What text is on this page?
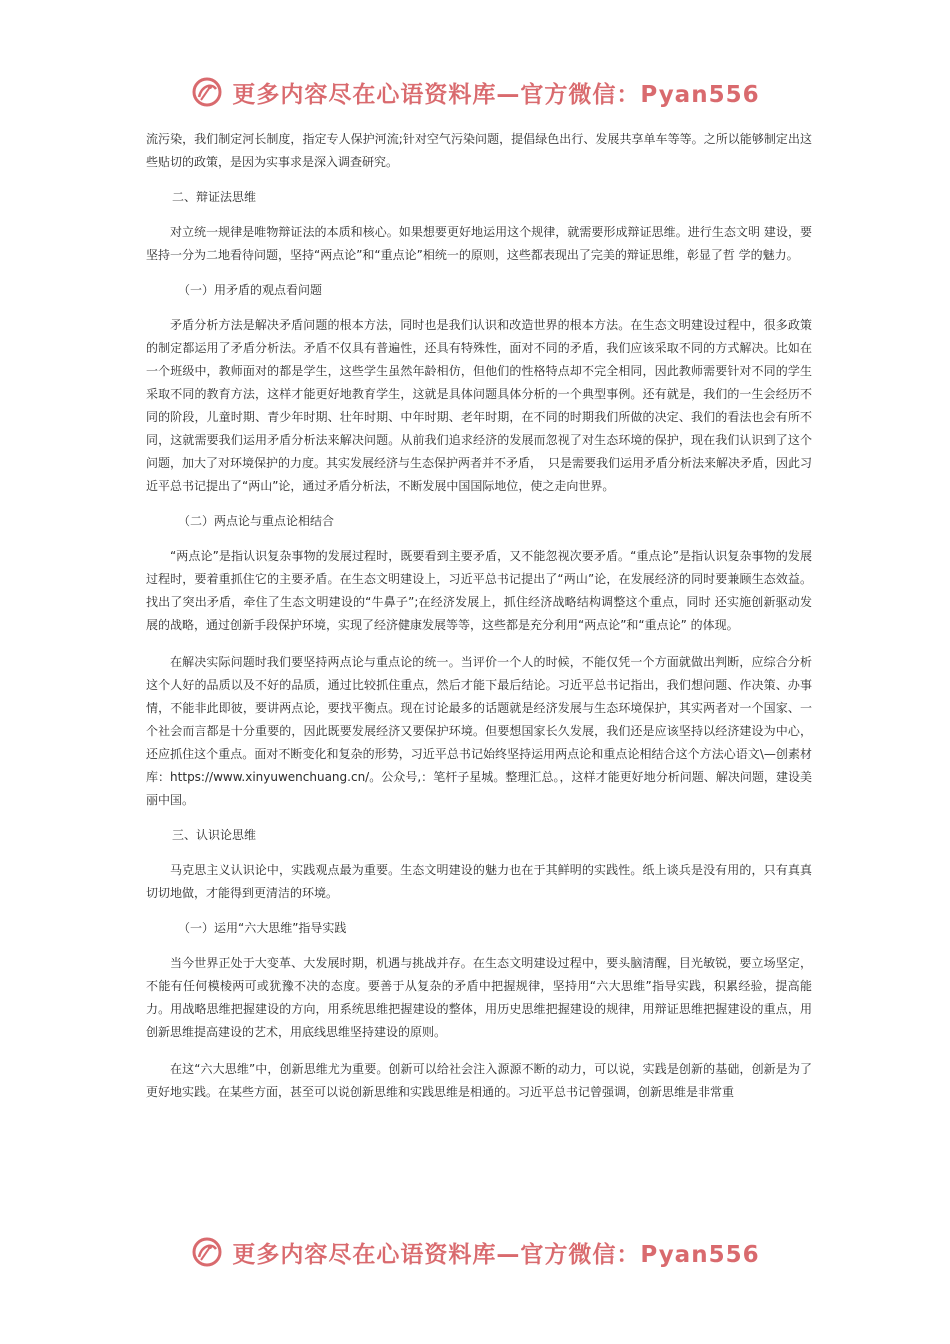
更多内容尽在心语资料库—官方微信：Pyan556

流污染，我们制定河长制度，指定专人保护河流;针对空气污染问题，提倡绿色出行、发展共享单车等等。之所以能够制定出这些贴切的政策，是因为实事求是深入调查研究。

二、辩证法思维

对立统一规律是唯物辩证法的本质和核心。如果想要更好地运用这个规律，就需要形成辩证思维。进行生态文明 建设，要坚持一分为二地看待问题，坚持“两点论”和“重点论”相统一的原则，这些都表现出了完美的辩证思维，彰显了哲 学的魅力。

（一）用矛盾的观点看问题

矛盾分析方法是解决矛盾问题的根本方法，同时也是我们认识和改造世界的根本方法。在生态文明建设过程中，很多政策的制定都运用了矛盾分析法。矛盾不仅具有普遍性，还具有特殊性，面对不同的矛盾，我们应该采取不同的方式解决。比如在一个班级中，教师面对的都是学生，这些学生虽然年龄相仿，但他们的性格特点却不完全相同，因此教师需要针对不同的学生采取不同的教育方法，这样才能更好地教育学生，这就是具体问题具体分析的一个典型事例。还有就是，我们的一生会经历不同的阶段，儿童时期、青少年时期、壮年时期、中年时期、老年时期，在不同的时期我们所做的决定、我们的看法也会有所不同，这就需要我们运用矛盾分析法来解决问题。从前我们追求经济的发展而忽视了对生态环境的保护，现在我们认识到了这个问题，加大了对环境保护的力度。其实发展经济与生态保护两者并不矛盾，　只是需要我们运用矛盾分析法来解决矛盾，因此习近平总书记提出了“两山”论，通过矛盾分析法，不断发展中国国际地位，使之走向世界。

（二）两点论与重点论相结合

“两点论”是指认识复杂事物的发展过程时，既要看到主要矛盾，又不能忽视次要矛盾。“重点论”是指认识复杂事物的发展过程时，要着重抓住它的主要矛盾。在生态文明建设上，习近平总书记提出了“两山”论，在发展经济的同时要兼顾生态效益。找出了突出矛盾，牵住了生态文明建设的“牛鼻子”;在经济发展上，抓住经济战略结构调整这个重点，同时 还实施创新驱动发展的战略，通过创新手段保护环境，实现了经济健康发展等等，这些都是充分利用“两点论”和“重点论” 的体现。

在解决实际问题时我们要坚持两点论与重点论的统一。当评价一个人的时候，不能仅凭一个方面就做出判断，应综合分析这个人好的品质以及不好的品质，通过比较抓住重点，然后才能下最后结论。习近平总书记指出，我们想问题、作决策、办事情，不能非此即彼，要讲两点论，要找平衡点。现在讨论最多的话题就是经济发展与生态环境保护，其实两者对一个国家、一个社会而言都是十分重要的，因此既要发展经济又要保护环境。但要想国家长久发展，我们还是应该坚持以经济建设为中心，还应抓住这个重点。面对不断变化和复杂的形势，习近平总书记始终坚持运用两点论和重点论相结合这个方法心语文\—创素材库：https://www.xinyuwenchuang.cn/。公众号,：笔杆子星城。整理汇总。，这样才能更好地分析问题、解决问题，建设美丽中国。

三、认识论思维

马克思主义认识论中，实践观点最为重要。生态文明建设的魅力也在于其鲜明的实践性。纸上谈兵是没有用的，只有真真切切地做，才能得到更清洁的环境。

（一）运用“六大思维”指导实践

当今世界正处于大变革、大发展时期，机遇与挑战并存。在生态文明建设过程中，要头脑清醒，目光敏锐，要立场坚定，不能有任何模棱两可或犹豫不决的态度。要善于从复杂的矛盾中把握规律，坚持用“六大思维”指导实践，积累经验，提高能力。用战略思维把握建设的方向，用系统思维把握建设的整体，用历史思维把握建设的规律，用辩证思维把握建设的重点，用创新思维提高建设的艺术，用底线思维坚持建设的原则。

在这“六大思维”中，创新思维尤为重要。创新可以给社会注入源源不断的动力，可以说，实践是创新的基础，创新是为了更好地实践。在某些方面，甚至可以说创新思维和实践思维是相通的。习近平总书记曾强调，创新思维是非常重

更多内容尽在心语资料库—官方微信：Pyan556
